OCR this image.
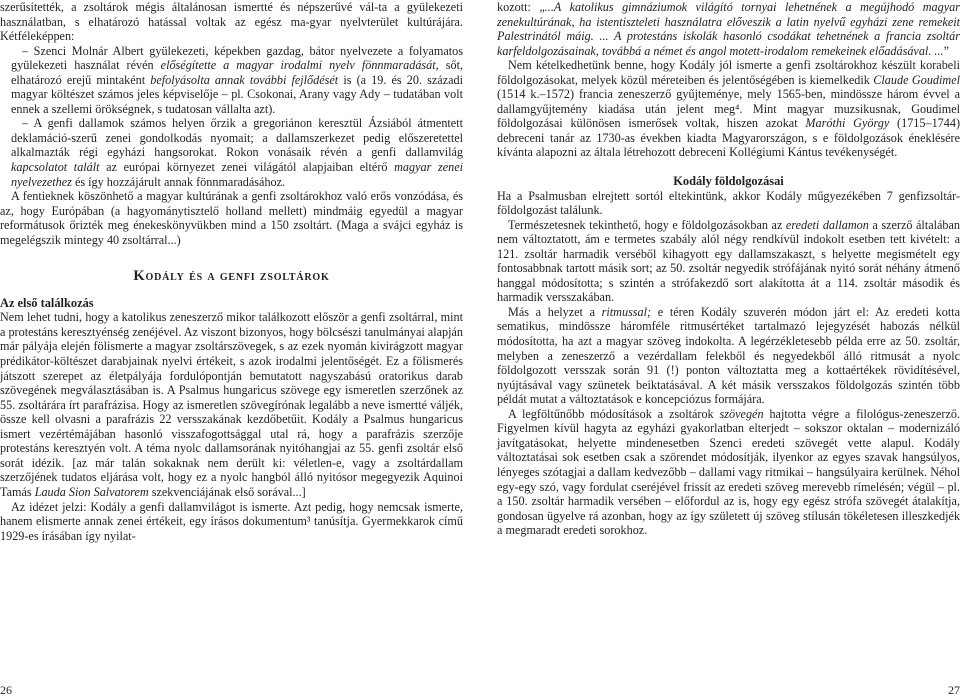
szerűsítették, a zsoltárok mégis általánosan ismertté és népszerűvé vál-ta a gyülekezeti használatban, s elhatározó hatással voltak az egész ma-gyar nyelvterület kultúrájára. Kétféleképpen:

– Szenci Molnár Albert gyülekezeti, képekben gazdag, bátor nyelvezete a folyamatos gyülekezeti használat révén előségítette a magyar irodalmi nyelv fönnmaradását, sőt, elhatározó erejű mintaként befolyásolta annak további fejlődését is (a 19. és 20. századi magyar költészet számos jeles képviselője – pl. Csokonai, Arany vagy Ady – tudatában volt ennek a szellemi örökségnek, s tudatosan vállalta azt).
– A genfi dallamok számos helyen őrzik a gregoriánon keresztül Ázsiából átmentett deklamáció-szerű zenei gondolkodás nyomait; a dallamszerkezet pedig előszeretettel alkalmazták régi egyházi hangsorokat. Rokon vonásaik révén a genfi dallamvilág kapcsolatot talált az európai környezet zenei világától alapjaiban eltérő magyar zenei nyelvezethez és így hozzájárult annak fönnmaradásához.

A fentieknek köszönhető a magyar kultúrának a genfi zsoltárokhoz való erős vonzódása, és az, hogy Európában (a hagyománytisztelő holland mellett) mindmáig egyedül a magyar reformátusok őrizték meg énekeskönyvükben mind a 150 zsoltárt. (Maga a svájci egyház is megelégszik mintegy 40 zsoltárral...)

Kodály és a genfi zsoltárok
Az első találkozás

Nem lehet tudni, hogy a katolikus zeneszerző mikor találkozott először a genfi zsoltárral, mint a protestáns keresztyénség zenéjével. Az viszont bizonyos, hogy bölcsészi tanulmányai alapján már pályája elején fölismerte a magyar zsoltárszövegek, s az ezek nyomán kivirágzott magyar prédikátor-költészet darabjainak nyelvi értékeit, s azok irodalmi jelentőségét. Ez a fölismerés játszott szerepet az életpályája fordulópontján bemutatott nagyszabású oratorikus darab szövegének megválasztásában is. A Psalmus hungaricus szövege egy ismeretlen szerzőnek az 55. zsoltárára írt parafrázisa. Hogy az ismeretlen szövegírónak legalább a neve ismertté váljék, össze kell olvasni a parafrázis 22 versszakának kezdőbetűit. Kodály a Psalmus hungaricus ismert vezértémájában hasonló visszafogottsággal utal rá, hogy a parafrázis szerzője protestáns keresztyén volt. A téma nyolc dallamsorának nyitóhangjai az 55. genfi zsoltár első sorát idézik. [az már talán sokaknak nem derült ki: véletlen-e, vagy a zsoltárdallam szerzőjének tudatos eljárása volt, hogy ez a nyolc hangból álló nyitósor megegyezik Aquinoi Tamás Lauda Sion Salvatorem szekvenciájának első sorával...]

Az idézet jelzi: Kodály a genfi dallamvilágot is ismerte. Azt pedig, hogy nemcsak ismerte, hanem elismerte annak zenei értékeit, egy írásos dokumentum³ tanúsítja. Gyermekkarok című 1929-es írásában így nyilat-

kozott: „...A katolikus gimnáziumok világító tornyai lehetnének a megújhodó magyar zenekultúrának, ha istentiszteleti használatra előveszik a latin nyelvű egyházi zene remekeit Palestrinától máig. ... A protestáns iskolák hasonló csodákat tehetnének a francia zsoltár karfeldolgozásainak, továbbá a német és angol motett-irodalom remekeinek előadásával. ...”

Nem kételkedhetünk benne, hogy Kodály jól ismerte a genfi zsoltárokhoz készült korabeli földolgozásokat, melyek közül méreteiben és jelentőségében is kiemelkedik Claude Goudimel (1514 k.–1572) francia zeneszerző gyűjteménye, mely 1565-ben, mindössze három évvel a dallamgyűjtemény kiadása után jelent meg⁴. Mint magyar muzsikusnak, Goudimel földolgozásai különösen ismerősek voltak, hiszen azokat Maróthi György (1715–1744) debreceni tanár az 1730-as években kiadta Magyarországon, s e földolgozások éneklésére kívánta alapozni az általa létrehozott debreceni Kollégiumi Kántus tevékenységét.

Kodály földolgozásai

Ha a Psalmusban elrejtett sortól eltekintünk, akkor Kodály műgyezékében 7 genfizsoltár-földolgozást találunk.

Természetesnek tekinthető, hogy e földolgozásokban az eredeti dallamon a szerző általában nem változtatott, ám e termetes szabály alól négy rendkívül indokolt esetben tett kivételt: a 121. zsoltár harmadik verséből kihagyott egy dallamszakaszt, s helyette megismételt egy fontosabbnak tartott másik sort; az 50. zsoltár negyedik strófájának nyitó sorát néhány átmenő hanggal módosította; s szintén a strófakezdő sort alakította át a 114. zsoltár második és harmadik versszakában.

Más a helyzet a ritmussal; e téren Kodály szuverén módon járt el: Az eredeti kotta sematikus, mindössze háromféle ritmusértéket tartalmazó lejegyzését habozás nélkül módosította, ha azt a magyar szöveg indokolta. A legérzékletesebb példa erre az 50. zsoltár, melyben a zeneszerző a vezérdallam felekből és negyedekből álló ritmusát a nyolc földolgozott versszak során 91 (!) ponton változtatta meg a kottaértékek rövidítésével, nyújtásával vagy szünetek beiktatásával. A két másik versszakos földolgozás szintén több példát mutat a változtatások e koncepciózus formájára.

A legföltűnőbb módosítások a zsoltárok szövegén hajtotta végre a filológus-zeneszerző. Figyelmen kívül hagyta az egyházi gyakorlatban elterjedt – sokszor oktalan – modernizáló javítgatásokat, helyette mindenesetben Szenci eredeti szövegét vette alapul. Kodály változtatásai sok esetben csak a szörendet módosítják, ilyenkor az egyes szavak hangsúlyos, lényeges szótagjai a dallam kedvezőbb – dallami vagy ritmikai – hangsúlyaira kerülnek. Néhol egy-egy szó, vagy fordulat cseréjével frissít az eredeti szöveg merevebb rímelésén; végül – pl. a 150. zsoltár harmadik versében – előfordul az is, hogy egy egész strófa szövegét átalakítja, gondosan ügyelve rá azonban, hogy az így született új szöveg stílusán tökéletesen illeszkedjék a megmaradt eredeti sorokhoz.

26	27
